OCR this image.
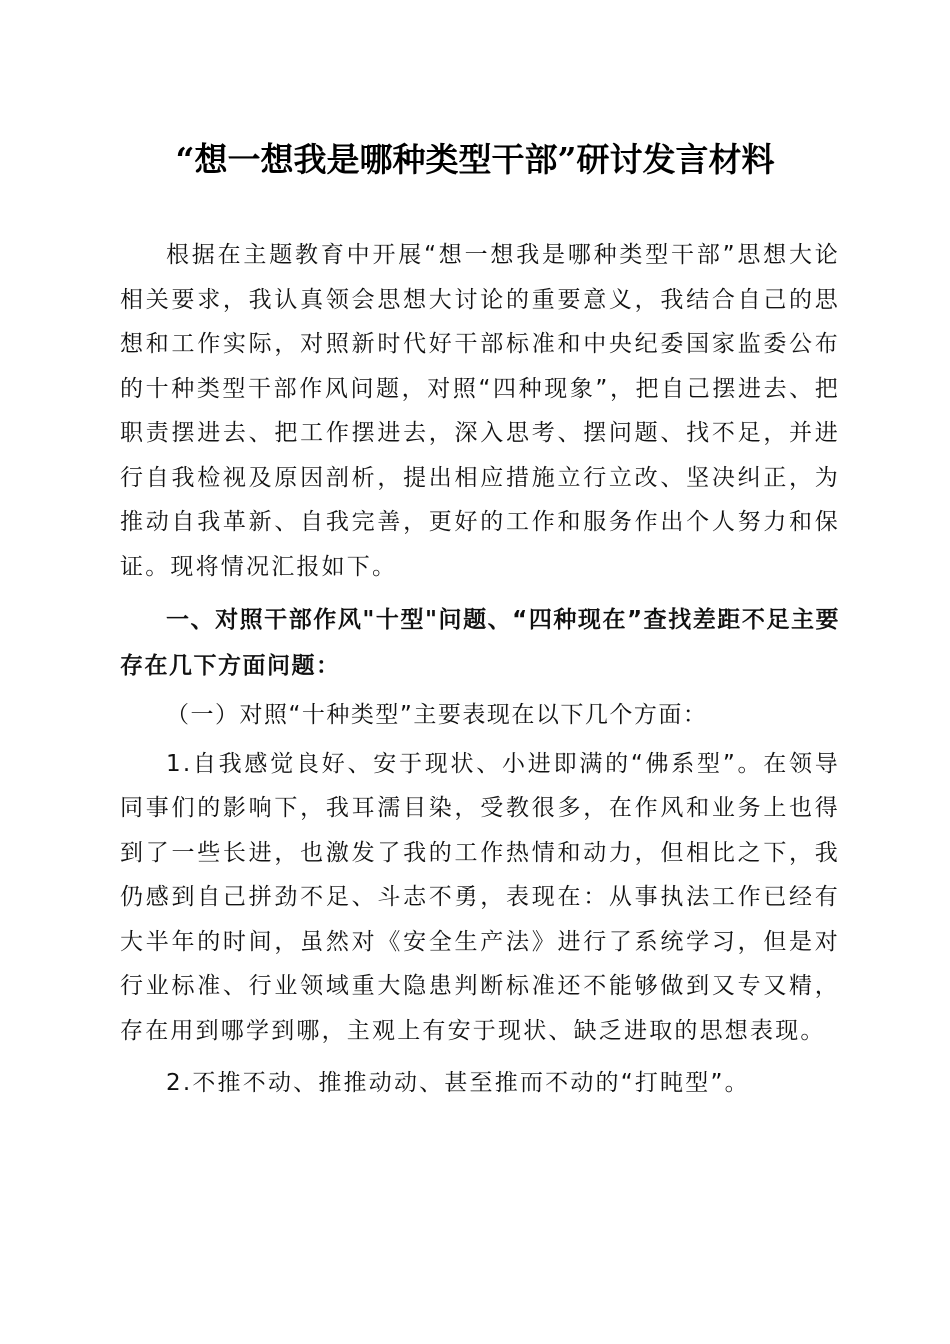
“想一想我是哪种类型干部”研讨发言材料

根据在主题教育中开展“想一想我是哪种类型干部”思想大论相关要求，我认真领会思想大讨论的重要意义，我结合自己的思想和工作实际，对照新时代好干部标准和中央纪委国家监委公布的十种类型干部作风问题，对照“四种现象”，把自己摆进去、把职责摆进去、把工作摆进去，深入思考、摆问题、找不足，并进行自我检视及原因剖析，提出相应措施立行立改、坚决纠正，为推动自我革新、自我完善，更好的工作和服务作出个人努力和保证。现将情况汇报如下。

一、对照干部作风"十型"问题、“四种现在”查找差距不足主要存在几下方面问题：

（一）对照“十种类型”主要表现在以下几个方面：

1.自我感觉良好、安于现状、小进即满的“佛系型”。在领导同事们的影响下，我耳濡目染，受教很多，在作风和业务上也得到了一些长进，也激发了我的工作热情和动力，但相比之下，我仍感到自己拼劲不足、斗志不勇，表现在：从事执法工作已经有大半年的时间，虽然对《安全生产法》进行了系统学习，但是对行业标准、行业领域重大隐患判断标准还不能够做到又专又精，存在用到哪学到哪，主观上有安于现状、缺乏进取的思想表现。

2.不推不动、推推动动、甚至推而不动的“打盹型”。
